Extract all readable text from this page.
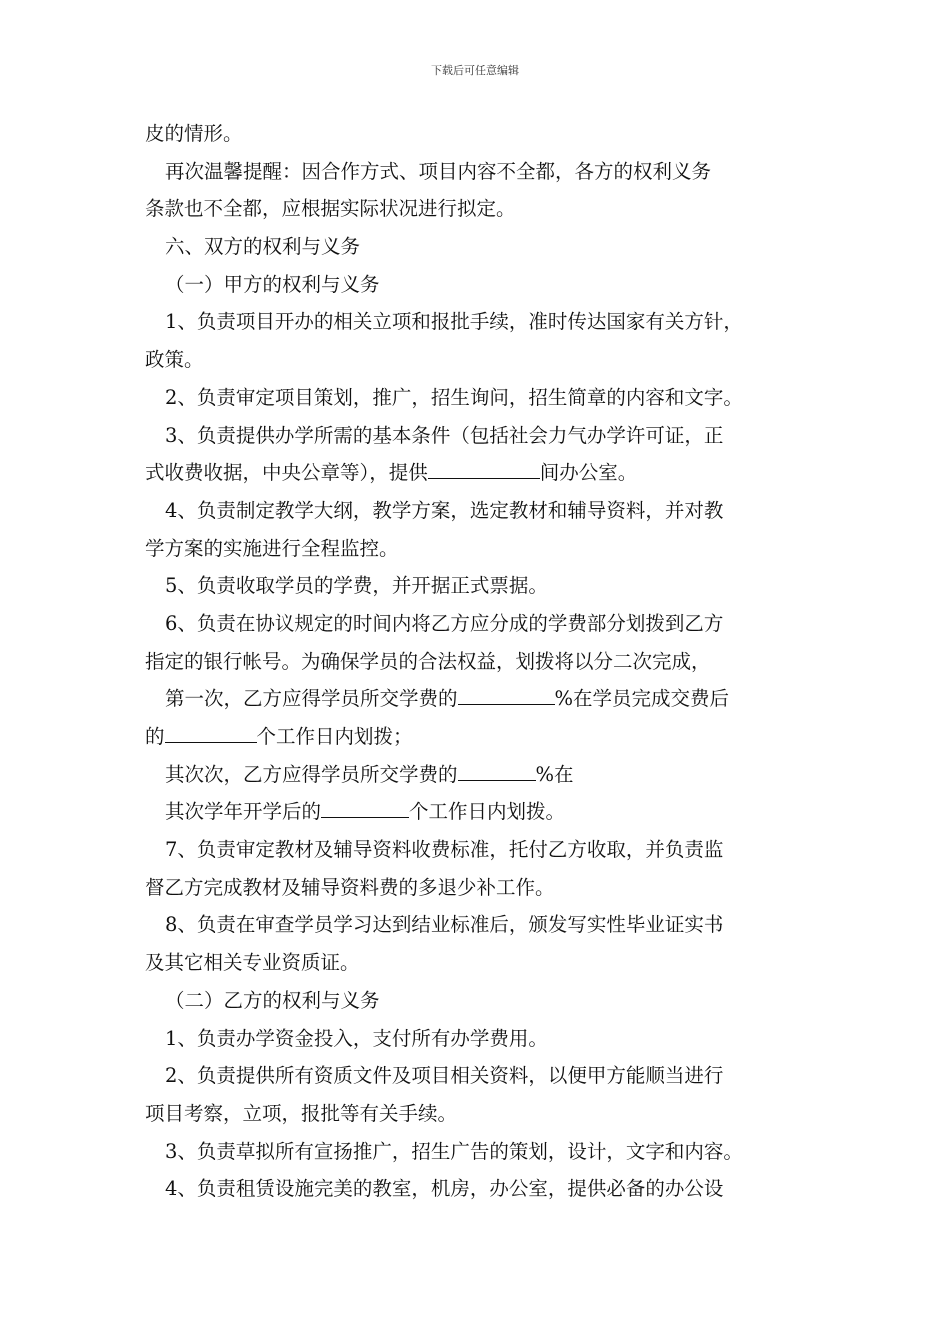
下载后可任意编辑
皮的情形。
再次温馨提醒：因合作方式、项目内容不全都，各方的权利义务
条款也不全都，应根据实际状况进行拟定。
六、双方的权利与义务
（一）甲方的权利与义务
1、负责项目开办的相关立项和报批手续，准时传达国家有关方针，
政策。
2、负责审定项目策划，推广，招生询问，招生简章的内容和文字。
3、负责提供办学所需的基本条件（包括社会力气办学许可证，正
式收费收据，中央公章等），提供	间办公室。
4、负责制定教学大纲，教学方案，选定教材和辅导资料，并对教
学方案的实施进行全程监控。
5、负责收取学员的学费，并开据正式票据。
6、负责在协议规定的时间内将乙方应分成的学费部分划拨到乙方
指定的银行帐号。为确保学员的合法权益，划拨将以分二次完成，
第一次，乙方应得学员所交学费的	%在学员完成交费后
的	个工作日内划拨；
其次次，乙方应得学员所交学费的	%在
其次学年开学后的	个工作日内划拨。
7、负责审定教材及辅导资料收费标准，托付乙方收取，并负责监
督乙方完成教材及辅导资料费的多退少补工作。
8、负责在审查学员学习达到结业标准后，颁发写实性毕业证实书
及其它相关专业资质证。
（二）乙方的权利与义务
1、负责办学资金投入，支付所有办学费用。
2、负责提供所有资质文件及项目相关资料，以便甲方能顺当进行
项目考察，立项，报批等有关手续。
3、负责草拟所有宣扬推广，招生广告的策划，设计，文字和内容。
4、负责租赁设施完美的教室，机房，办公室，提供必备的办公设
